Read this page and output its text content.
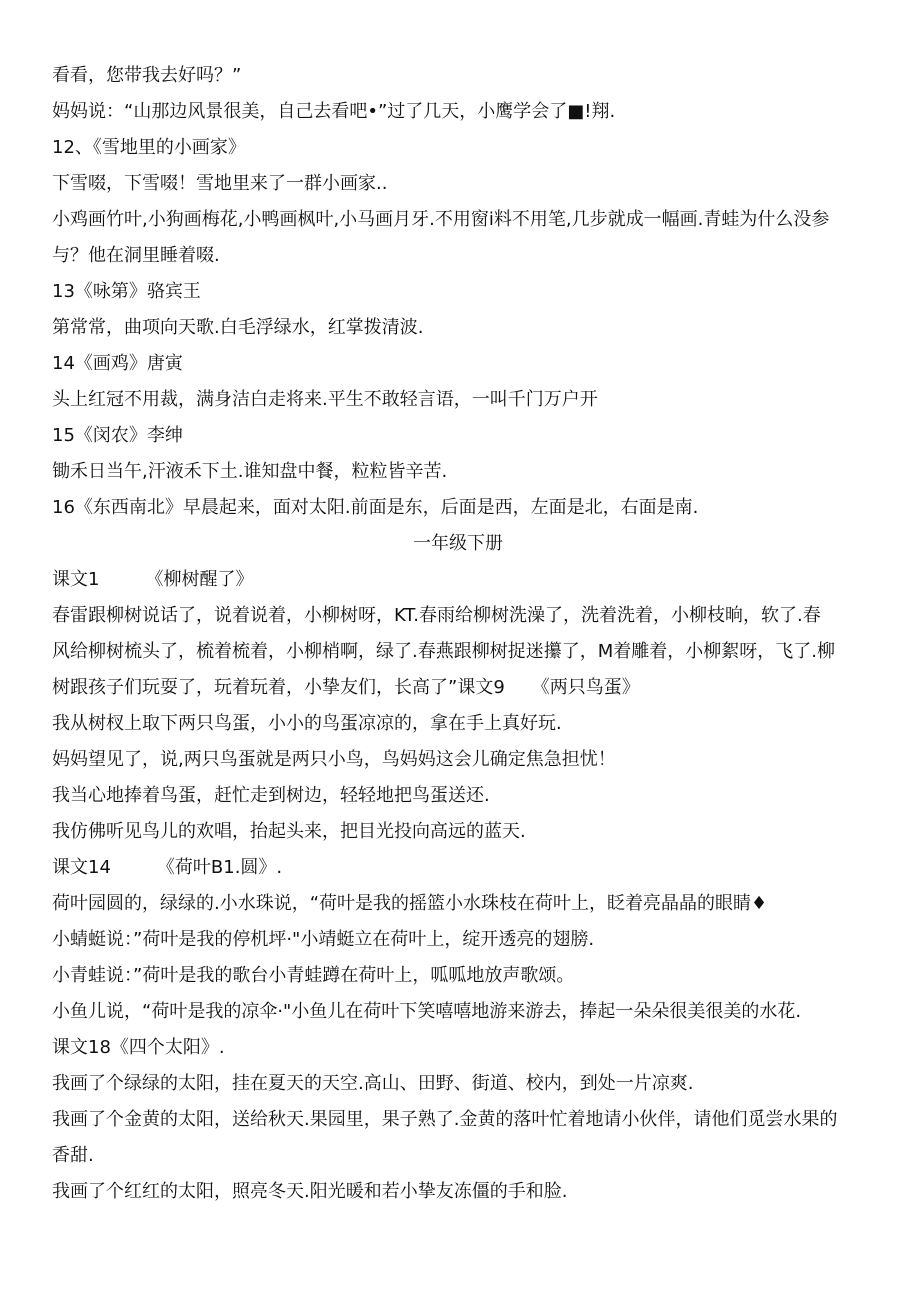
看看，您带我去好吗？”
妈妈说：“山那边风景很美，自己去看吧•”过了几天，小鹰学会了■!翔.
12、《雪地里的小画家》
下雪啜，下雪啜！雪地里来了一群小画家..
小鸡画竹叶,小狗画梅花,小鸭画枫叶,小马画月牙.不用窗i料不用笔,几步就成一幅画.青蛙为什么没参
与？他在洞里睡着啜.
13《咏第》骆宾王
第常常，曲项向天歌.白毛浮绿水，红掌拨清波.
14《画鸡》唐寅
头上红冠不用裁，满身洁白走将来.平生不敢轻言语，一叫千门万户开
15《闵农》李绅
锄禾日当午,汗液禾下土.谁知盘中餐，粒粒皆辛苦.
16《东西南北》早晨起来，面对太阳.前面是东，后面是西，左面是北，右面是南.
一年级下册
课文1	《柳树醒了》
春雷跟柳树说话了，说着说着，小柳树呀，KT.春雨给柳树洗澡了，洗着洗着，小柳枝晌，软了.春
风给柳树梳头了，梳着梳着，小柳梢啊，绿了.春燕跟柳树捉迷攥了，M着雕着，小柳絮呀，飞了.柳
树跟孩子们玩耍了，玩着玩着，小挚友们，长高了”课文9　　《两只鸟蛋》
我从树杈上取下两只鸟蛋，小小的鸟蛋凉凉的，拿在手上真好玩.
妈妈望见了，说,两只鸟蛋就是两只小鸟，鸟妈妈这会儿确定焦急担忧！
我当心地捧着鸟蛋，赶忙走到树边，轻轻地把鸟蛋送还.
我仿佛听见鸟儿的欢唱，抬起头来，把目光投向高远的蓝天.
课文14	《荷叶B1.圆》.
荷叶园圆的，绿绿的.小水珠说，“荷叶是我的摇篮小水珠枝在荷叶上，眨着亮晶晶的眼睛♦
小蜻蜓说：”荷叶是我的停机坪·"小靖蜓立在荷叶上，绽开透亮的翅膀.
小青蛙说：”荷叶是我的歌台小青蛙蹲在荷叶上，呱呱地放声歌颂。
小鱼儿说，“荷叶是我的凉伞·"小鱼儿在荷叶下笑嘻嘻地游来游去，捧起一朵朵很美很美的水花.
课文18《四个太阳》.
我画了个绿绿的太阳，挂在夏天的天空.高山、田野、街道、校内，到处一片凉爽.
我画了个金黄的太阳，送给秋天.果园里，果子熟了.金黄的落叶忙着地请小伙伴，请他们觅尝水果的
香甜.
我画了个红红的太阳，照亮冬天.阳光暖和若小挚友冻僵的手和脸.
